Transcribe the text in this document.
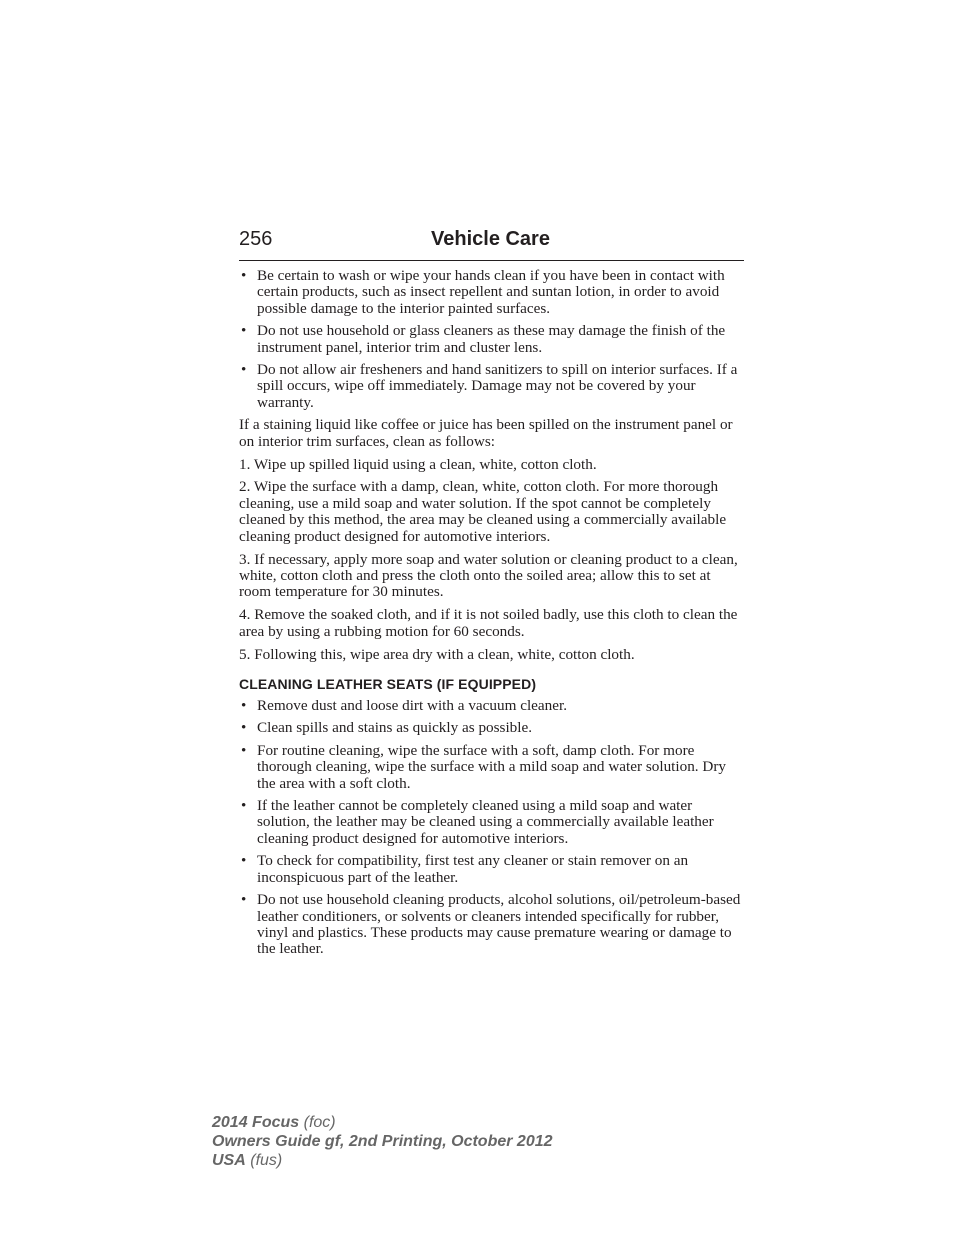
256	Vehicle Care
• Be certain to wash or wipe your hands clean if you have been in contact with certain products, such as insect repellent and suntan lotion, in order to avoid possible damage to the interior painted surfaces.
• Do not use household or glass cleaners as these may damage the finish of the instrument panel, interior trim and cluster lens.
• Do not allow air fresheners and hand sanitizers to spill on interior surfaces. If a spill occurs, wipe off immediately. Damage may not be covered by your warranty.

If a staining liquid like coffee or juice has been spilled on the instrument panel or on interior trim surfaces, clean as follows:

1. Wipe up spilled liquid using a clean, white, cotton cloth.

2. Wipe the surface with a damp, clean, white, cotton cloth. For more thorough cleaning, use a mild soap and water solution. If the spot cannot be completely cleaned by this method, the area may be cleaned using a commercially available cleaning product designed for automotive interiors.

3. If necessary, apply more soap and water solution or cleaning product to a clean, white, cotton cloth and press the cloth onto the soiled area; allow this to set at room temperature for 30 minutes.

4. Remove the soaked cloth, and if it is not soiled badly, use this cloth to clean the area by using a rubbing motion for 60 seconds.

5. Following this, wipe area dry with a clean, white, cotton cloth.

CLEANING LEATHER SEATS (IF EQUIPPED)
• Remove dust and loose dirt with a vacuum cleaner.
• Clean spills and stains as quickly as possible.
• For routine cleaning, wipe the surface with a soft, damp cloth. For more thorough cleaning, wipe the surface with a mild soap and water solution. Dry the area with a soft cloth.
• If the leather cannot be completely cleaned using a mild soap and water solution, the leather may be cleaned using a commercially available leather cleaning product designed for automotive interiors.
• To check for compatibility, first test any cleaner or stain remover on an inconspicuous part of the leather.
• Do not use household cleaning products, alcohol solutions, oil/petroleum-based leather conditioners, or solvents or cleaners intended specifically for rubber, vinyl and plastics. These products may cause premature wearing or damage to the leather.
2014 Focus (foc)
Owners Guide gf, 2nd Printing, October 2012
USA (fus)
